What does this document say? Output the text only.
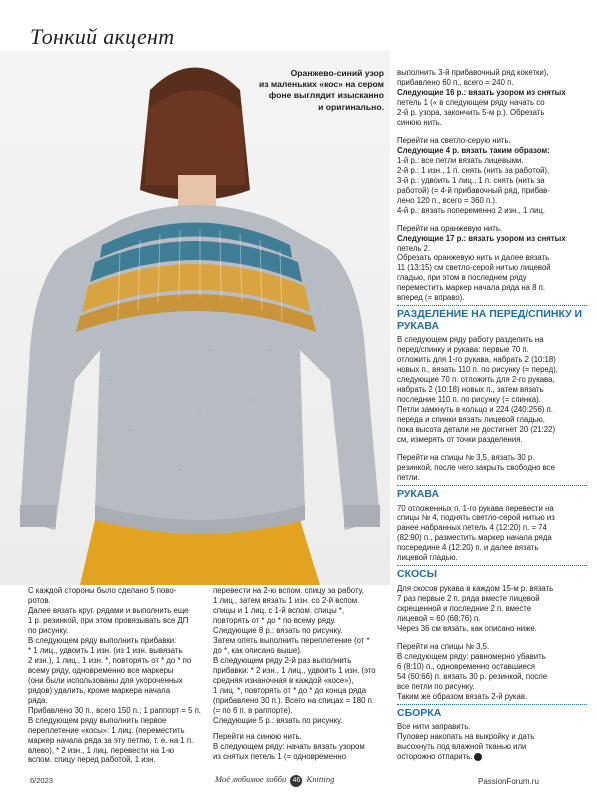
Тонкий акцент
Оранжево-синий узор
из маленьких «кос» на сером
фоне выглядит изысканно
и оригинально.

выполнить 3-й прибавочный ряд кокетки),

прибавлено 60 п., всего = 240 п.

Следующие 16 р.: вязать узором из снятых

петель 1 (« в следующем ряду начать со

2-й р. узора, закончить 5-м р.). Обрезать

синюю нить.

Перейти на светло-серую нить.

Следующие 4 р. вязать таким образом:

1-й р.: все петли вязать лицевыми.

2-й р.: 1 изн., 1 п. снять (нить за работой),

3-й р.: удвоить 1 лиц., 1 п. снять (нить за

работой) (= 4-й прибавочный ряд, прибав-

лено 120 п., всего = 360 п.).

4-й р.: вязать попеременно 2 изн., 1 лиц.

Перейти на оранжевую нить.

Следующие 17 р.: вязать узором из снятых

петель 2.

Обрезать оранжевую нить и далее вязать

11 (13:15) см светло-серой нитью лицевой

гладью, при этом в последнем ряду

переместить маркер начала ряда на 8 п.

вперед (= вправо).

РАЗДЕЛЕНИЕ НА ПЕРЕД/СПИНКУ И РУКАВА

В следующем ряду работу разделить на

перед/спинку и рукава: первые 70 п.

отложить для 1-го рукава, набрать 2 (10:18)

новых п., вязать 110 п. по рисунку (= перед),

следующие 70 п. отложить для 2-го рукава,

набрать 2 (10:18) новых п., затем вязать

последние 110 п. по рисунку (= спинка).

Петли замкнуть в кольцо и 224 (240:256) п.

переда и спинки вязать лицевой гладью,

пока высота детали не достигнет 20 (21:22)

см, измерять от точки разделения.

Перейти на спицы № 3,5, вязать 30 р.

резинкой, после чего закрыть свободно все

петли.

РУКАВА

70 отложенных п. 1-го рукава перевести на

спицы № 4, поднять светло-серой нитью из

ранее набранных петель 4 (12:20) п. = 74

(82:90) п., разместить маркер начала ряда

посередине 4 (12:20) п. и далее вязать

лицевой гладью.

СКОСЫ

Для скосов рукава в каждом 15-м р. вязать

7 раз первые 2 п. ряда вместе лицевой

скрещенной и последние 2 п. вместе

лицевой = 60 (68:76) п.

Через 36 см вязать, как описано ниже.

Перейти на спицы № 3,5.

В следующем ряду: равномерно убавить

6 (8:10) п., одновременно оставшиеся

54 (60:66) п. вязать 30 р. резинкой, после

все петли по рисунку.

Таким же образом вязать 2-й рукав.

СБОРКА

Все нити заправить.

Пуловер накопать на выкройку и дать

высохнуть под влажной тканью или

осторожно отпарить.

С каждой стороны было сделано 5 пово-

ротов.

Далее вязать круг. рядами и выполнить еще

1 р. резинкой, при этом провязывать все ДП

по рисунку.

В следующем ряду выполнить прибавки:

* 1 лиц., удвоить 1 изн. (из 1 изн. вывязать

2 изн.), 1 лиц., 1 изн. *, повторять от * до * по

всему ряду, одновременно все маркеры

(они были использованы для укороченных

рядов) удалить, кроме маркера начала

ряда.

Прибавлено 30 п., всего 150 п.; 1 раппорт = 5 п.

В следующем ряду выполнить первое

переплетение «косы»: 1 лиц. (переместить

маркер начала ряда за эту петлю, т. е. на 1 п.

влево), * 2 изн., 1 лиц. перевести на 1-ю

вспом. спицу перед работой, 1 изн.

перевести на 2-ю вспом. спицу за работу,

1 лиц., затем вязать 1 изн. со 2-й вспом.

спицы и 1 лиц. с 1-й вспом. спицы *,

повторять от * до * по всему ряду.

Следующие 8 р.: вязать по рисунку.

Затем опять выполнить переплетение (от *

до *, как описано выше).

В следующем ряду 2-й раз выполнить

прибавки: * 2 изн., 1 лиц., удвоить 1 изн. (это

средняя изнаночная в каждой «косе»),

1 лиц. *, повторять от * до * до конца ряда

(прибавлено 30 п.). Всего на спицах = 180 п.

(= по 6 п. в раппорте).

Следующие 5 р.: вязать по рисунку.

Перейти на синюю нить.

В следующем ряду: начать вязать узором

из снятых петель 1 (= одновременно

6/2023	Моё любимое хобби 46 Knitting	PassionForum.ru
